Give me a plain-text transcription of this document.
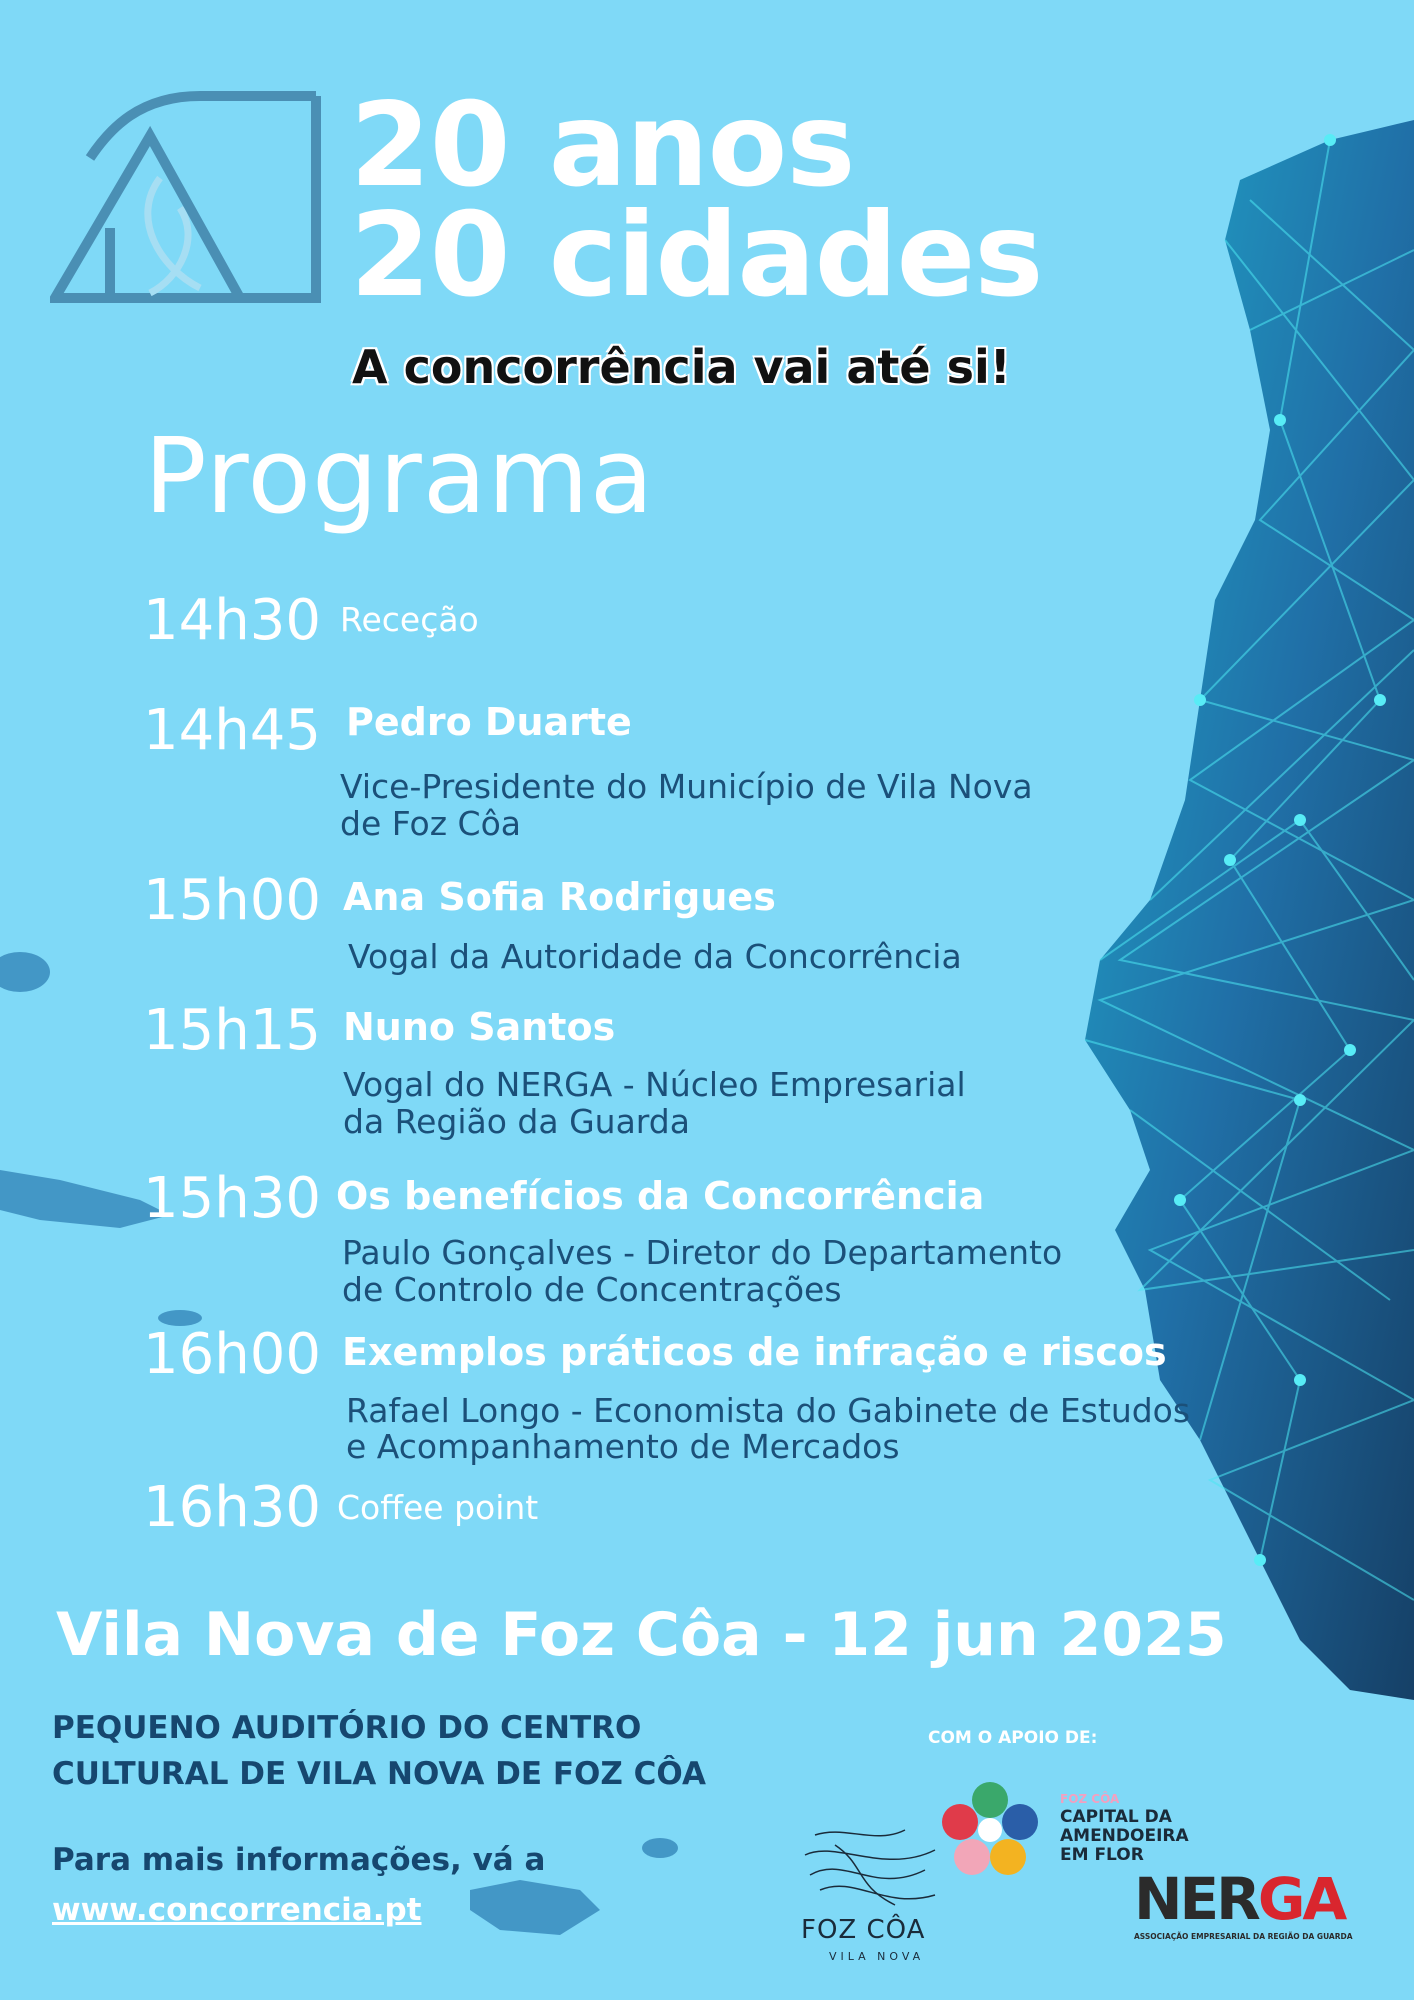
20 anos
20 cidades
A concorrência vai até si!
Programa
14h30 Receção
14h45 Pedro Duarte
Vice-Presidente do Município de Vila Nova
de Foz Côa
15h00 Ana Sofia Rodrigues
Vogal da Autoridade da Concorrência
15h15 Nuno Santos
Vogal do NERGA - Núcleo Empresarial
da Região da Guarda
15h30 Os benefícios da Concorrência
Paulo Gonçalves - Diretor do Departamento
de Controlo de Concentrações
16h00 Exemplos práticos de infração e riscos
Rafael Longo - Economista do Gabinete de Estudos
e Acompanhamento de Mercados
16h30 Coffee point
Vila Nova de Foz Côa - 12 jun 2025
PEQUENO AUDITÓRIO DO CENTRO
CULTURAL DE VILA NOVA DE FOZ CÔA
Para mais informações, vá a
www.concorrencia.pt
COM O APOIO DE:
FOZ CÔA
VILA NOVA
FOZ CÔA
CAPITAL DA
AMENDOEIRA
EM FLOR
NERGA
ASSOCIAÇÃO EMPRESARIAL DA REGIÃO DA GUARDA
